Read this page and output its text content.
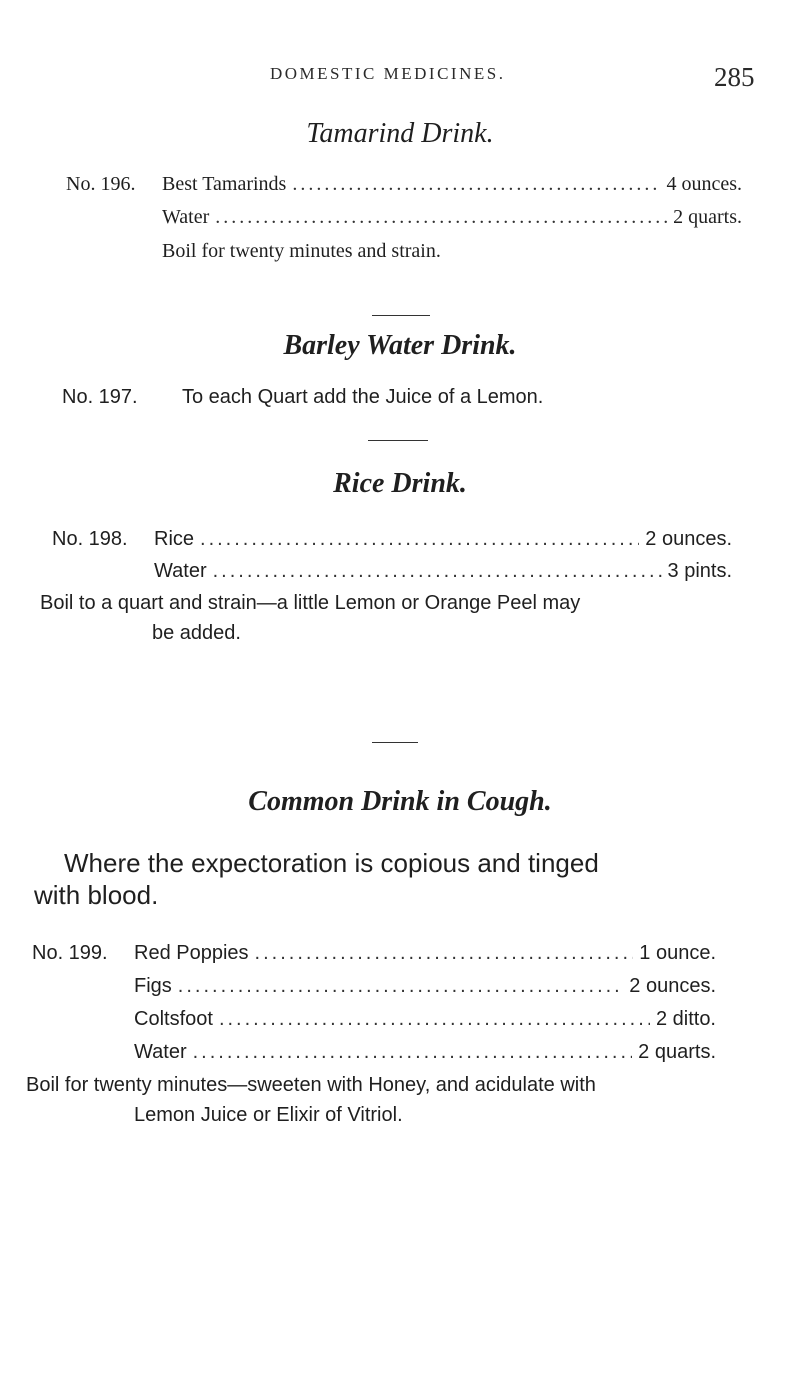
DOMESTIC MEDICINES.	285
Tamarind Drink.
No. 196. Best Tamarinds .....	4 ounces.
Water .....	2 quarts.
Boil for twenty minutes and strain.
Barley Water Drink.
No. 197. To each Quart add the Juice of a Lemon.
Rice Drink.
No. 198. Rice .....	2 ounces.
Water .....	3 pints.
Boil to a quart and strain—a little Lemon or Orange Peel may
be added.
Common Drink in Cough.
Where the expectoration is copious and tinged
with blood.
No. 199. Red Poppies .....	1 ounce.
Figs .....	2 ounces.
Coltsfoot .....	2 ditto.
Water .....	2 quarts.
Boil for twenty minutes—sweeten with Honey, and acidulate with
Lemon Juice or Elixir of Vitriol.
